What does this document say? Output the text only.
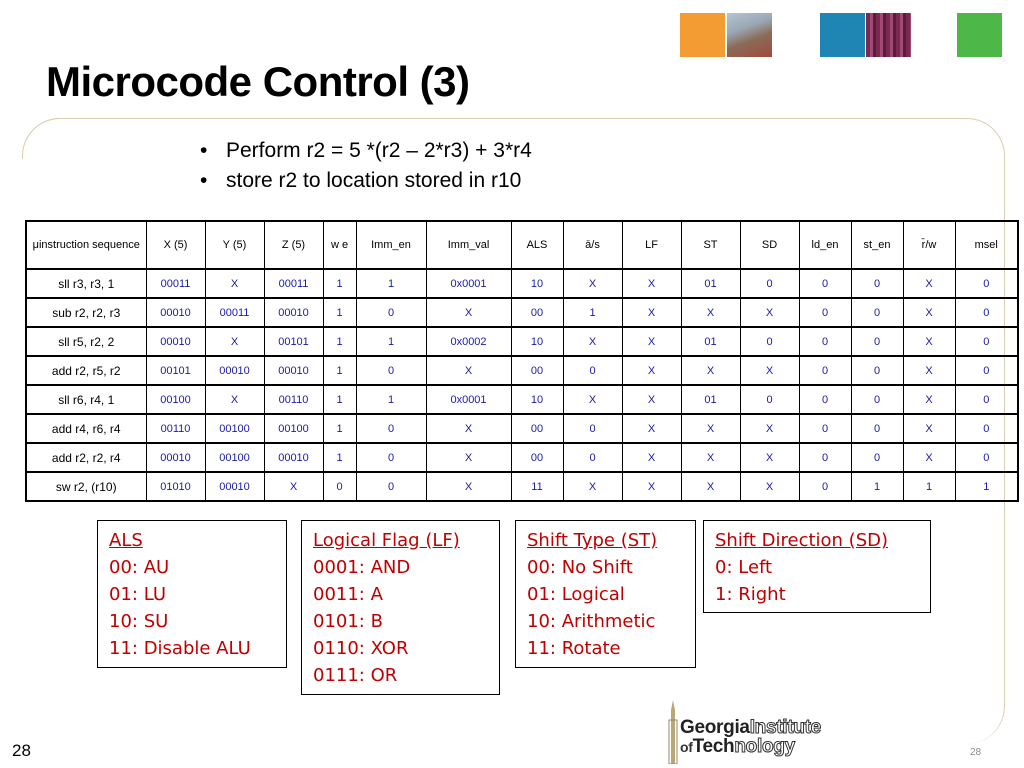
Microcode Control (3)
• Perform r2 = 5 *(r2 – 2*r3) + 3*r4
• store r2 to location stored in r10
μinstruction sequence	X (5)	Y (5)	Z (5)	w e	Imm_en	Imm_val	ALS	ā/s	LF	ST	SD	ld_en	st_en	r̄/w	msel
sll r3, r3, 1	00011	X	00011	1	1	0x0001	10	X	X	01	0	0	0	X	0
sub r2, r2, r3	00010	00011	00010	1	0	X	00	1	X	X	X	0	0	X	0
sll r5, r2, 2	00010	X	00101	1	1	0x0002	10	X	X	01	0	0	0	X	0
add r2, r5, r2	00101	00010	00010	1	0	X	00	0	X	X	X	0	0	X	0
sll r6, r4, 1	00100	X	00110	1	1	0x0001	10	X	X	01	0	0	0	X	0
add r4, r6, r4	00110	00100	00100	1	0	X	00	0	X	X	X	0	0	X	0
add r2, r2, r4	00010	00100	00010	1	0	X	00	0	X	X	X	0	0	X	0
sw r2, (r10)	01010	00010	X	0	0	X	11	X	X	X	X	0	1	1	1
ALS
00: AU
01: LU
10: SU
11: Disable ALU
Logical Flag (LF)
0001: AND
0011: A
0101: B
0110: XOR
0111: OR
Shift Type (ST)
00: No Shift
01: Logical
10: Arithmetic
11: Rotate
Shift Direction (SD)
0: Left
1: Right
GeorgiaInstitute
ofTechnology
28	28
